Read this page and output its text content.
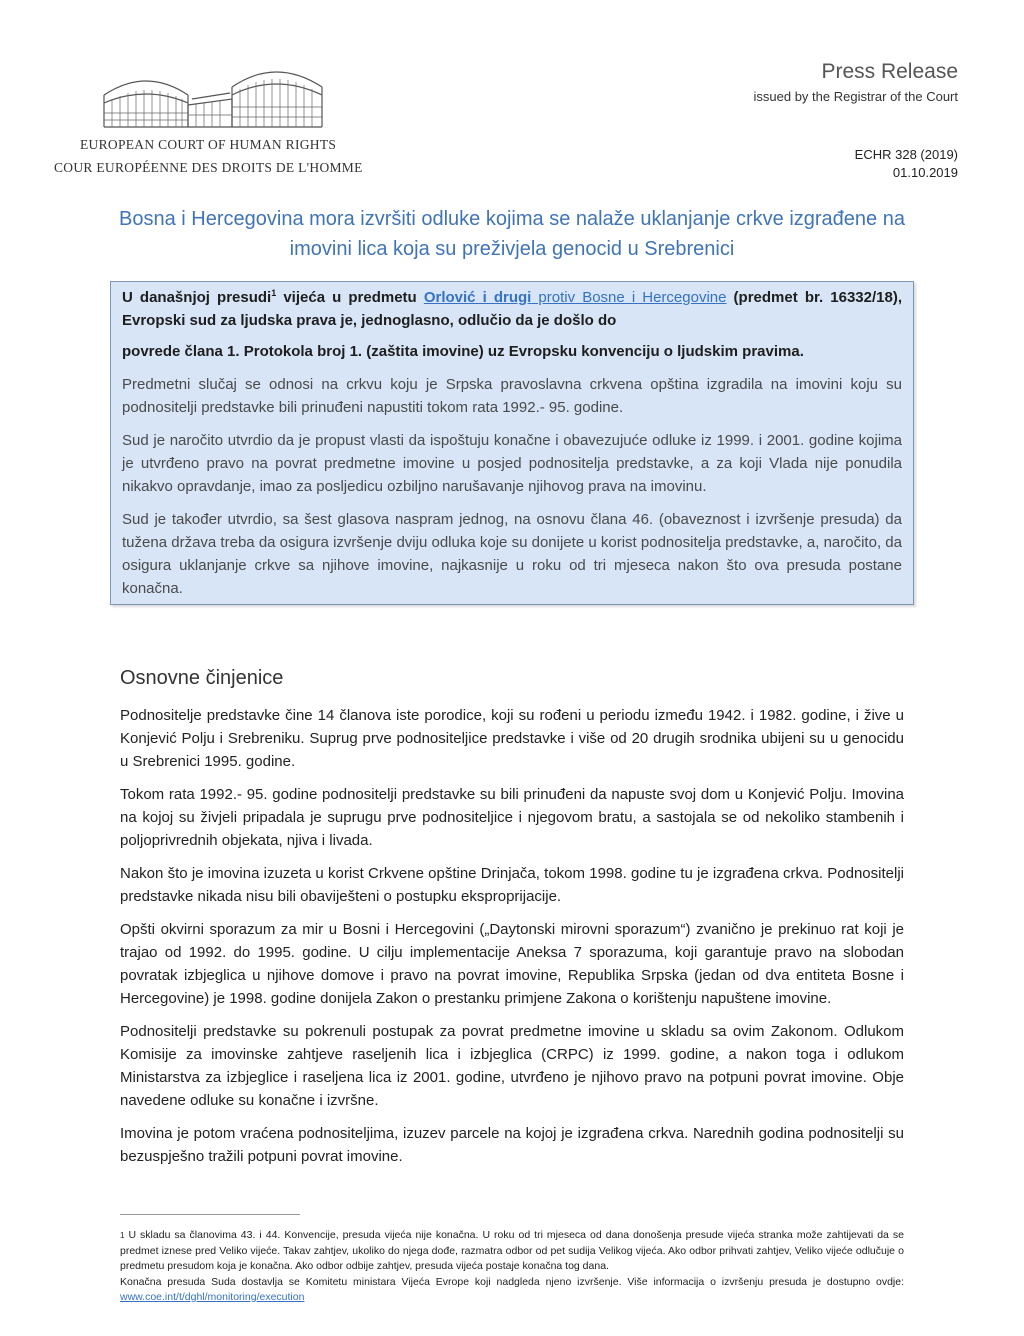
EUROPEAN COURT OF HUMAN RIGHTS
COUR EUROPÉENNE DES DROITS DE L'HOMME
Press Release
issued by the Registrar of the Court
ECHR 328 (2019)
01.10.2019
Bosna i Hercegovina mora izvršiti odluke kojima se nalaže uklanjanje crkve izgrađene na imovini lica koja su preživjela genocid u Srebrenici

U današnjoj presudi$^1$ vijeća u predmetu Orlović i drugi protiv Bosne i Hercegovine (predmet br. 16332/18), Evropski sud za ljudska prava je, jednoglasno, odlučio da je došlo do

povrede člana 1. Protokola broj 1. (zaštita imovine) uz Evropsku konvenciju o ljudskim pravima.

Predmetni slučaj se odnosi na crkvu koju je Srpska pravoslavna crkvena opština izgradila na imovini koju su podnositelji predstavke bili prinuđeni napustiti tokom rata 1992.- 95. godine.

Sud je naročito utvrdio da je propust vlasti da ispoštuju konačne i obavezujuće odluke iz 1999. i 2001. godine kojima je utvrđeno pravo na povrat predmetne imovine u posjed podnositelja predstavke, a za koji Vlada nije ponudila nikakvo opravdanje, imao za posljedicu ozbiljno narušavanje njihovog prava na imovinu.

Sud je također utvrdio, sa šest glasova naspram jednog, na osnovu člana 46. (obaveznost i izvršenje presuda) da tužena država treba da osigura izvršenje dviju odluka koje su donijete u korist podnositelja predstavke, a, naročito, da osigura uklanjanje crkve sa njihove imovine, najkasnije u roku od tri mjeseca nakon što ova presuda postane konačna.

Osnovne činjenice

Podnositelje predstavke čine 14 članova iste porodice, koji su rođeni u periodu između 1942. i 1982. godine, i žive u Konjević Polju i Srebreniku. Suprug prve podnositeljice predstavke i više od 20 drugih srodnika ubijeni su u genocidu u Srebrenici 1995. godine.

Tokom rata 1992.- 95. godine podnositelji predstavke su bili prinuđeni da napuste svoj dom u Konjević Polju. Imovina na kojoj su živjeli pripadala je suprugu prve podnositeljice i njegovom bratu, a sastojala se od nekoliko stambenih i poljoprivrednih objekata, njiva i livada.

Nakon što je imovina izuzeta u korist Crkvene opštine Drinjača, tokom 1998. godine tu je izgrađena crkva. Podnositelji predstavke nikada nisu bili obaviješteni o postupku eksproprijacije.

Opšti okvirni sporazum za mir u Bosni i Hercegovini („Daytonski mirovni sporazum“) zvanično je prekinuo rat koji je trajao od 1992. do 1995. godine. U cilju implementacije Aneksa 7 sporazuma, koji garantuje pravo na slobodan povratak izbjeglica u njihove domove i pravo na povrat imovine, Republika Srpska (jedan od dva entiteta Bosne i Hercegovine) je 1998. godine donijela Zakon o prestanku primjene Zakona o korištenju napuštene imovine.

Podnositelji predstavke su pokrenuli postupak za povrat predmetne imovine u skladu sa ovim Zakonom. Odlukom Komisije za imovinske zahtjeve raseljenih lica i izbjeglica (CRPC) iz 1999. godine, a nakon toga i odlukom Ministarstva za izbjeglice i raseljena lica iz 2001. godine, utvrđeno je njihovo pravo na potpuni povrat imovine. Obje navedene odluke su konačne i izvršne.

Imovina je potom vraćena podnositeljima, izuzev parcele na kojoj je izgrađena crkva. Narednih godina podnositelji su bezuspješno tražili potpuni povrat imovine.

$^1$ U skladu sa članovima 43. i 44. Konvencije, presuda vijeća nije konačna. U roku od tri mjeseca od dana donošenja presude vijeća stranka može zahtijevati da se predmet iznese pred Veliko vijeće. Takav zahtjev, ukoliko do njega dođe, razmatra odbor od pet sudija Velikog vijeća. Ako odbor prihvati zahtjev, Veliko vijeće odlučuje o predmetu presudom koja je konačna. Ako odbor odbije zahtjev, presuda vijeća postaje konačna tog dana.

Konačna presuda Suda dostavlja se Komitetu ministara Vijeća Evrope koji nadgleda njeno izvršenje. Više informacija o izvršenju presuda je dostupno ovdje: www.coe.int/t/dghl/monitoring/execution
